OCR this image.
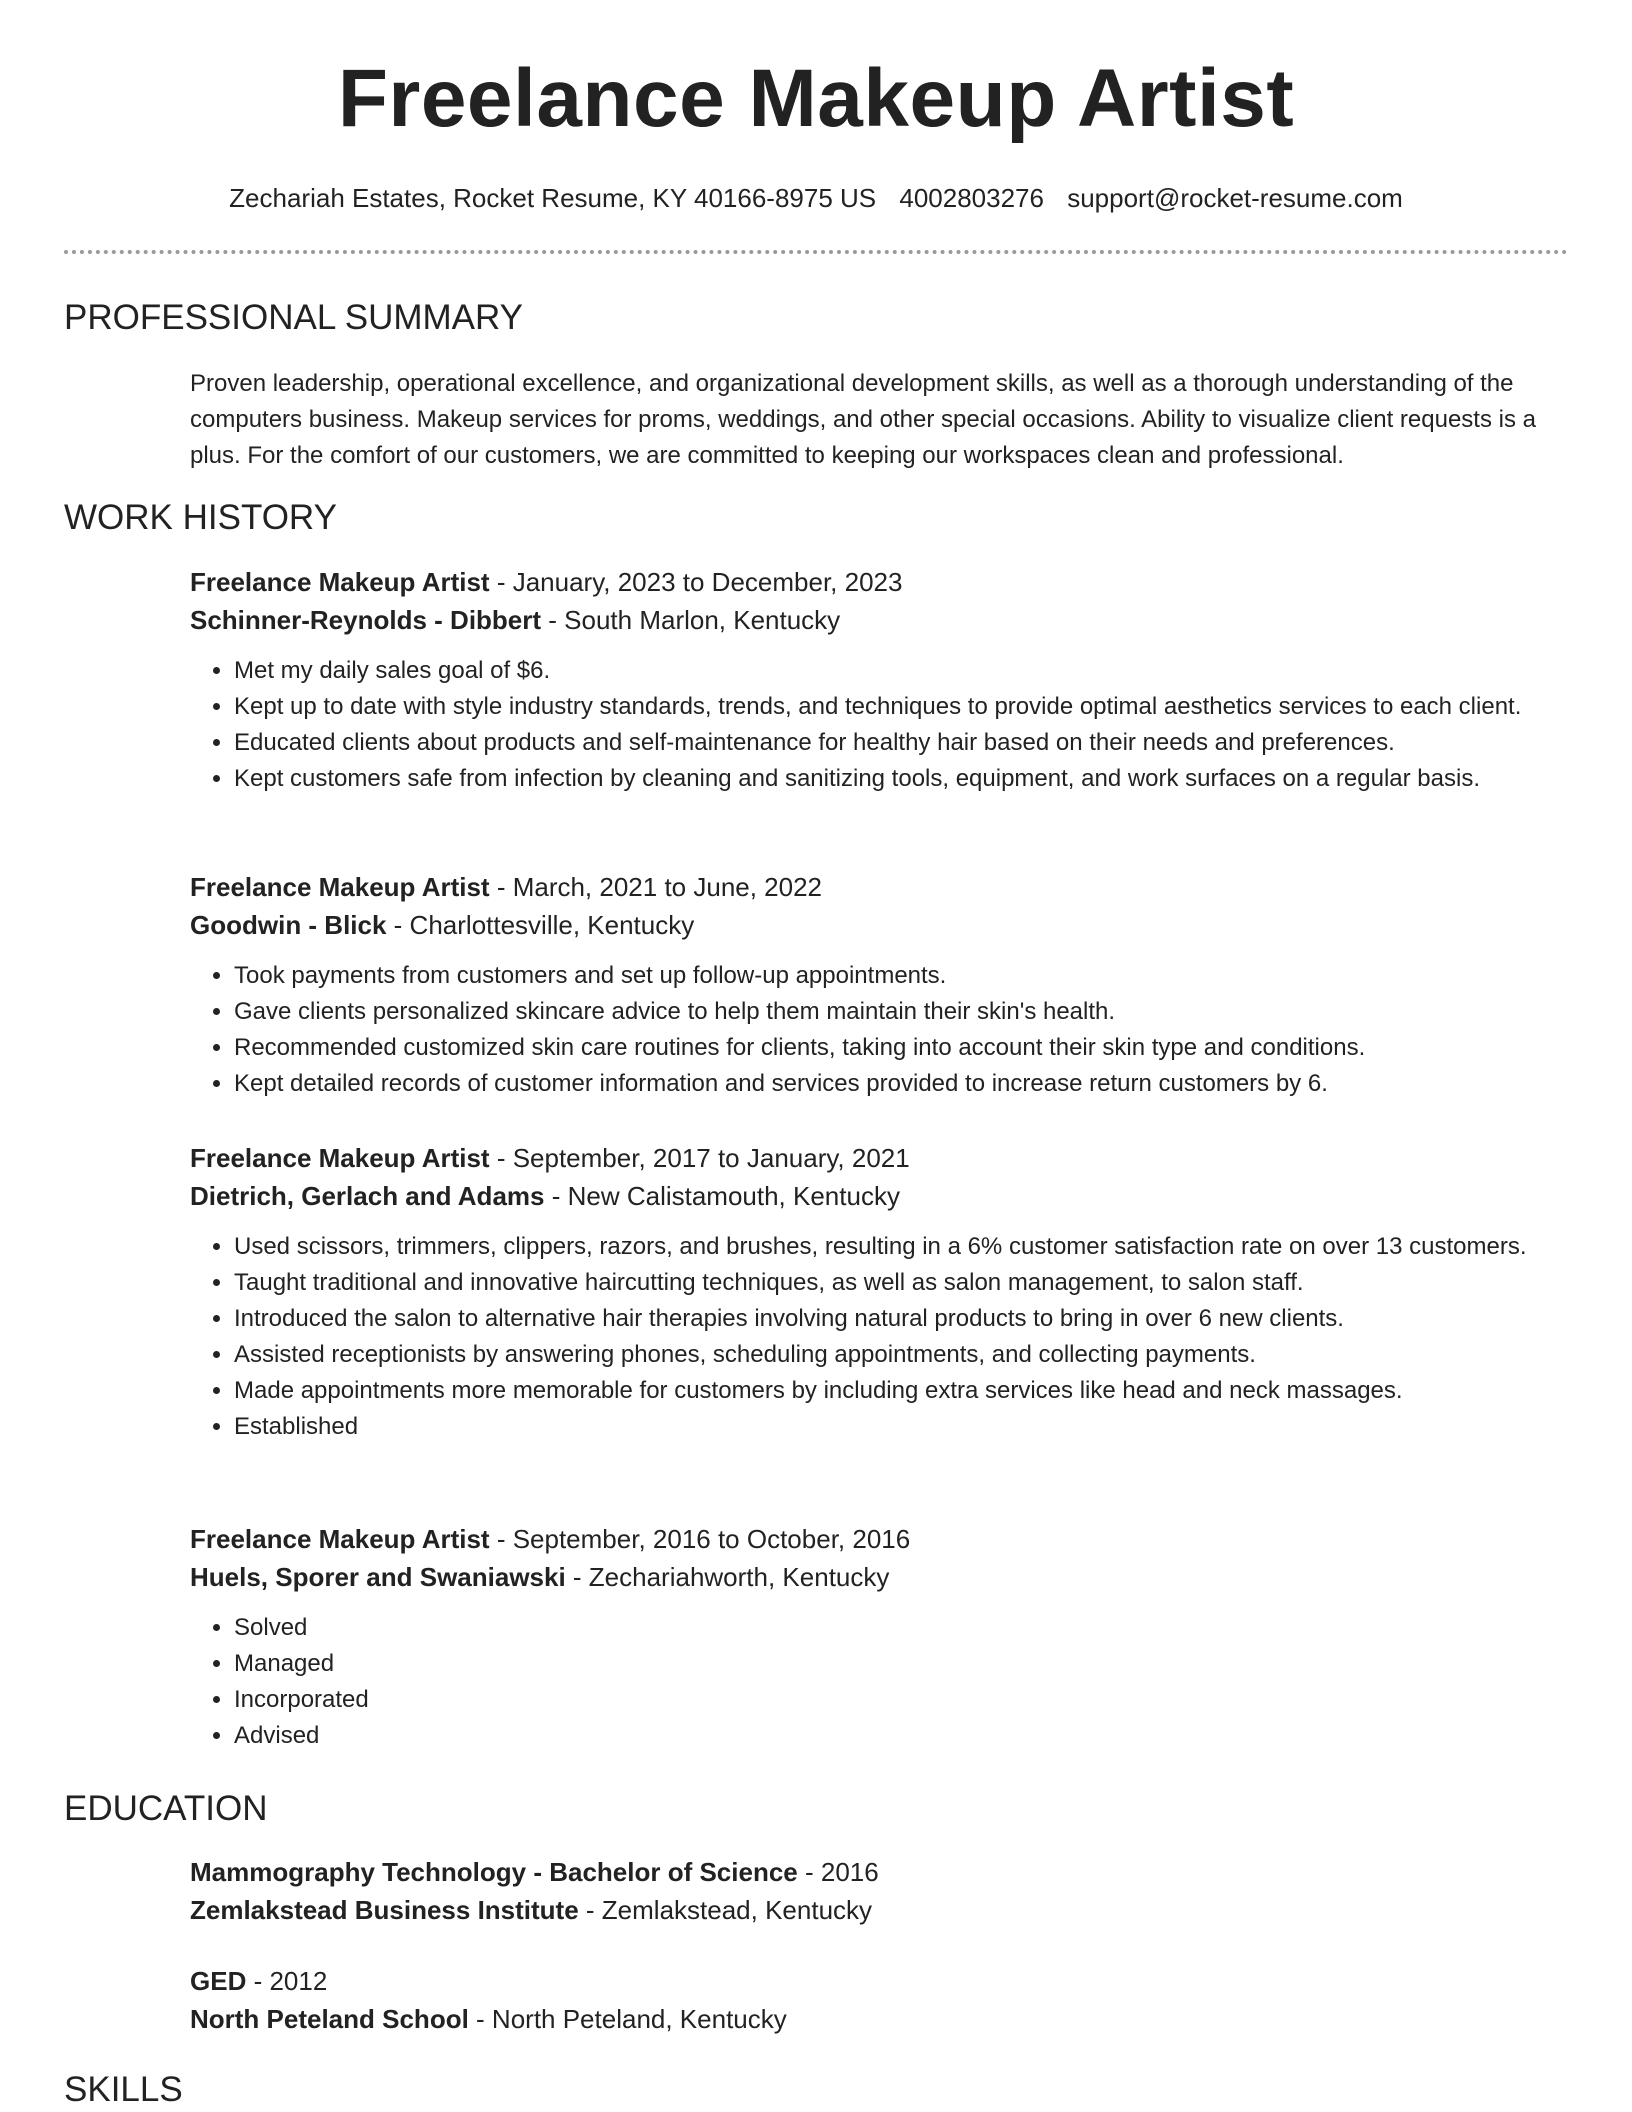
Freelance Makeup Artist
Zechariah Estates, Rocket Resume, KY 40166-8975 US 4002803276 support@rocket-resume.com
PROFESSIONAL SUMMARY

Proven leadership, operational excellence, and organizational development skills, as well as a thorough understanding of the computers business. Makeup services for proms, weddings, and other special occasions. Ability to visualize client requests is a plus. For the comfort of our customers, we are committed to keeping our workspaces clean and professional.

WORK HISTORY
Freelance Makeup Artist - January, 2023 to December, 2023
Schinner-Reynolds - Dibbert - South Marlon, Kentucky
• Met my daily sales goal of $6.
• Kept up to date with style industry standards, trends, and techniques to provide optimal aesthetics services to each client.
• Educated clients about products and self-maintenance for healthy hair based on their needs and preferences.
• Kept customers safe from infection by cleaning and sanitizing tools, equipment, and work surfaces on a regular basis.
Freelance Makeup Artist - March, 2021 to June, 2022
Goodwin - Blick - Charlottesville, Kentucky
• Took payments from customers and set up follow-up appointments.
• Gave clients personalized skincare advice to help them maintain their skin's health.
• Recommended customized skin care routines for clients, taking into account their skin type and conditions.
• Kept detailed records of customer information and services provided to increase return customers by 6.
Freelance Makeup Artist - September, 2017 to January, 2021
Dietrich, Gerlach and Adams - New Calistamouth, Kentucky
• Used scissors, trimmers, clippers, razors, and brushes, resulting in a 6% customer satisfaction rate on over 13 customers.
• Taught traditional and innovative haircutting techniques, as well as salon management, to salon staff.
• Introduced the salon to alternative hair therapies involving natural products to bring in over 6 new clients.
• Assisted receptionists by answering phones, scheduling appointments, and collecting payments.
• Made appointments more memorable for customers by including extra services like head and neck massages.
• Established
Freelance Makeup Artist - September, 2016 to October, 2016
Huels, Sporer and Swaniawski - Zechariahworth, Kentucky
• Solved
• Managed
• Incorporated
• Advised
EDUCATION
Mammography Technology - Bachelor of Science - 2016
Zemlakstead Business Institute - Zemlakstead, Kentucky
GED - 2012
North Peteland School - North Peteland, Kentucky
SKILLS
